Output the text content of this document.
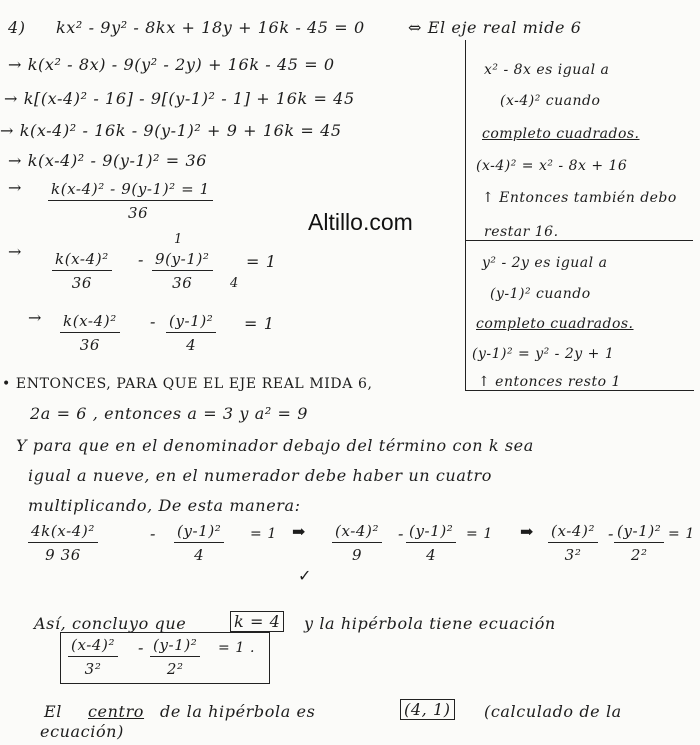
4) kx² - 9y² - 8kx + 18y + 16k - 45 = 0	⇔ El eje real mide 6
→ k(x² - 8x) - 9(y² - 2y) + 16k - 45 = 0
→ k[(x-4)² - 16] - 9[(y-1)² - 1] + 16k = 45
→ k(x-4)² - 16k - 9(y-1)² + 9 + 16k = 45
→ k(x-4)² - 9(y-1)² = 36
→ $\frac{\text{k(x-4)² - 9(y-1)² = 1}}{36}$
→ $\frac{\text{k(x-4)²}}{36} - \frac{\text{9(y-1)²}}{36}$
1
4
= 1
→ $\frac{\text{k(x-4)²}}{36} - \frac{\text{(y-1)²}}{4} = 1$
x² - 8x es igual a
(x-4)² cuando
completo cuadrados.
(x-4)² = x² - 8x + 16
↑ Entonces también debo
restar 16.
y² - 2y es igual a
(y-1)² cuando
completo cuadrados.
(y-1)² = y² - 2y + 1
↑ entonces resto 1
Altillo.com
• ENTONCES, PARA QUE EL EJE REAL MIDA 6,
2a = 6 , entonces a = 3 y a² = 9
Y para que en el denominador debajo del término con k sea
igual a nueve, en el numerador debe haber un cuatro
multiplicando, De esta manera:
$\frac{\text{4k(x-4)²}}{9 36}$	- $\frac{\text{(y-1)²}}{4} = 1$ ➡ $\frac{\text{(x-4)²}}{9} - \frac{\text{(y-1)²}}{4} = 1$ ➡ $\frac{\text{(x-4)²}}{\text{3²}} - \frac{\text{(y-1)²}}{\text{2²}} = 1$
✓
Así, concluyo que	k = 4 y la hipérbola tiene ecuación
$\frac{\text{(x-4)²}}{\text{3²}} - \frac{\text{(y-1)²}}{\text{2²}} = 1$ .
El centro de la hipérbola es	(4, 1) (calculado de la
ecuación)
